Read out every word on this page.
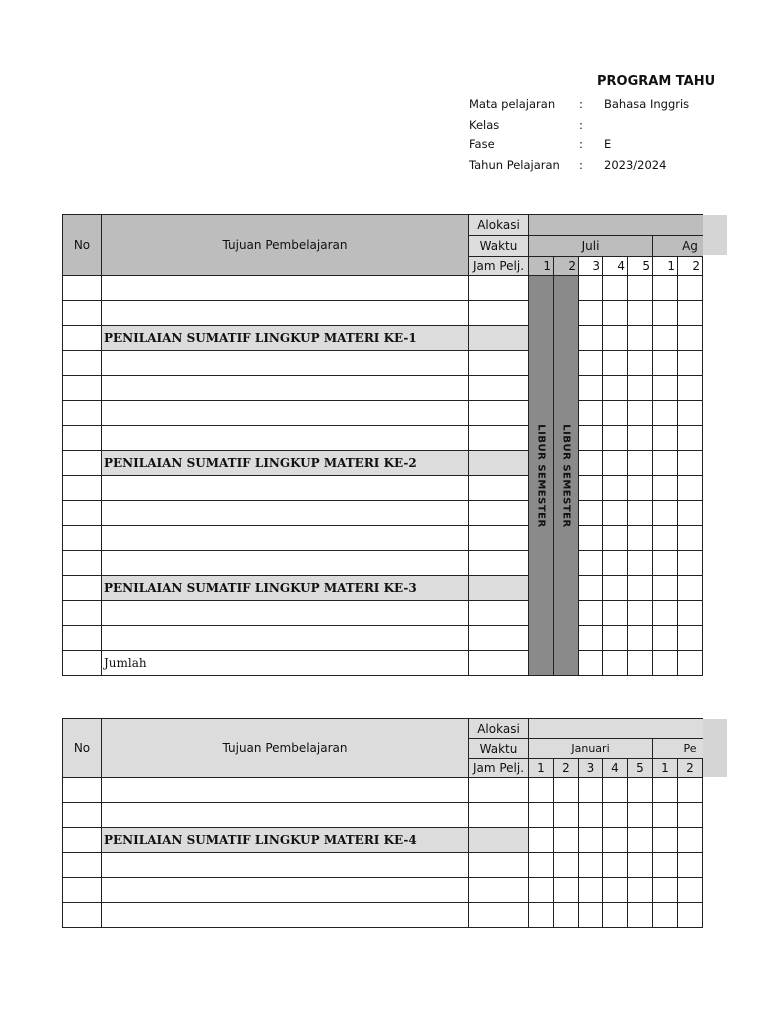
PROGRAM TAHU
Mata pelajaran : Bahasa Inggris
Kelas	:
Fase	: E
Tahun Pelajaran : 2023/2024
No	Tujuan Pembelajaran	Alokasi								
		Waktu	Juli					Ag		
		Jam Pelj.	1	2	3	4	5	1	2	

			LIBUR SEMESTER	LIBUR SEMESTER						

	PENILAIAN SUMATIF LINGKUP MATERI KE-1									

	PENILAIAN SUMATIF LINGKUP MATERI KE-2									

	PENILAIAN SUMATIF LINGKUP MATERI KE-3									

	Jumlah									
No	Tujuan Pembelajaran	Alokasi								
		Waktu	Januari					Pe		
		Jam Pelj.	1	2	3	4	5	1	2	

	PENILAIAN SUMATIF LINGKUP MATERI KE-4									
